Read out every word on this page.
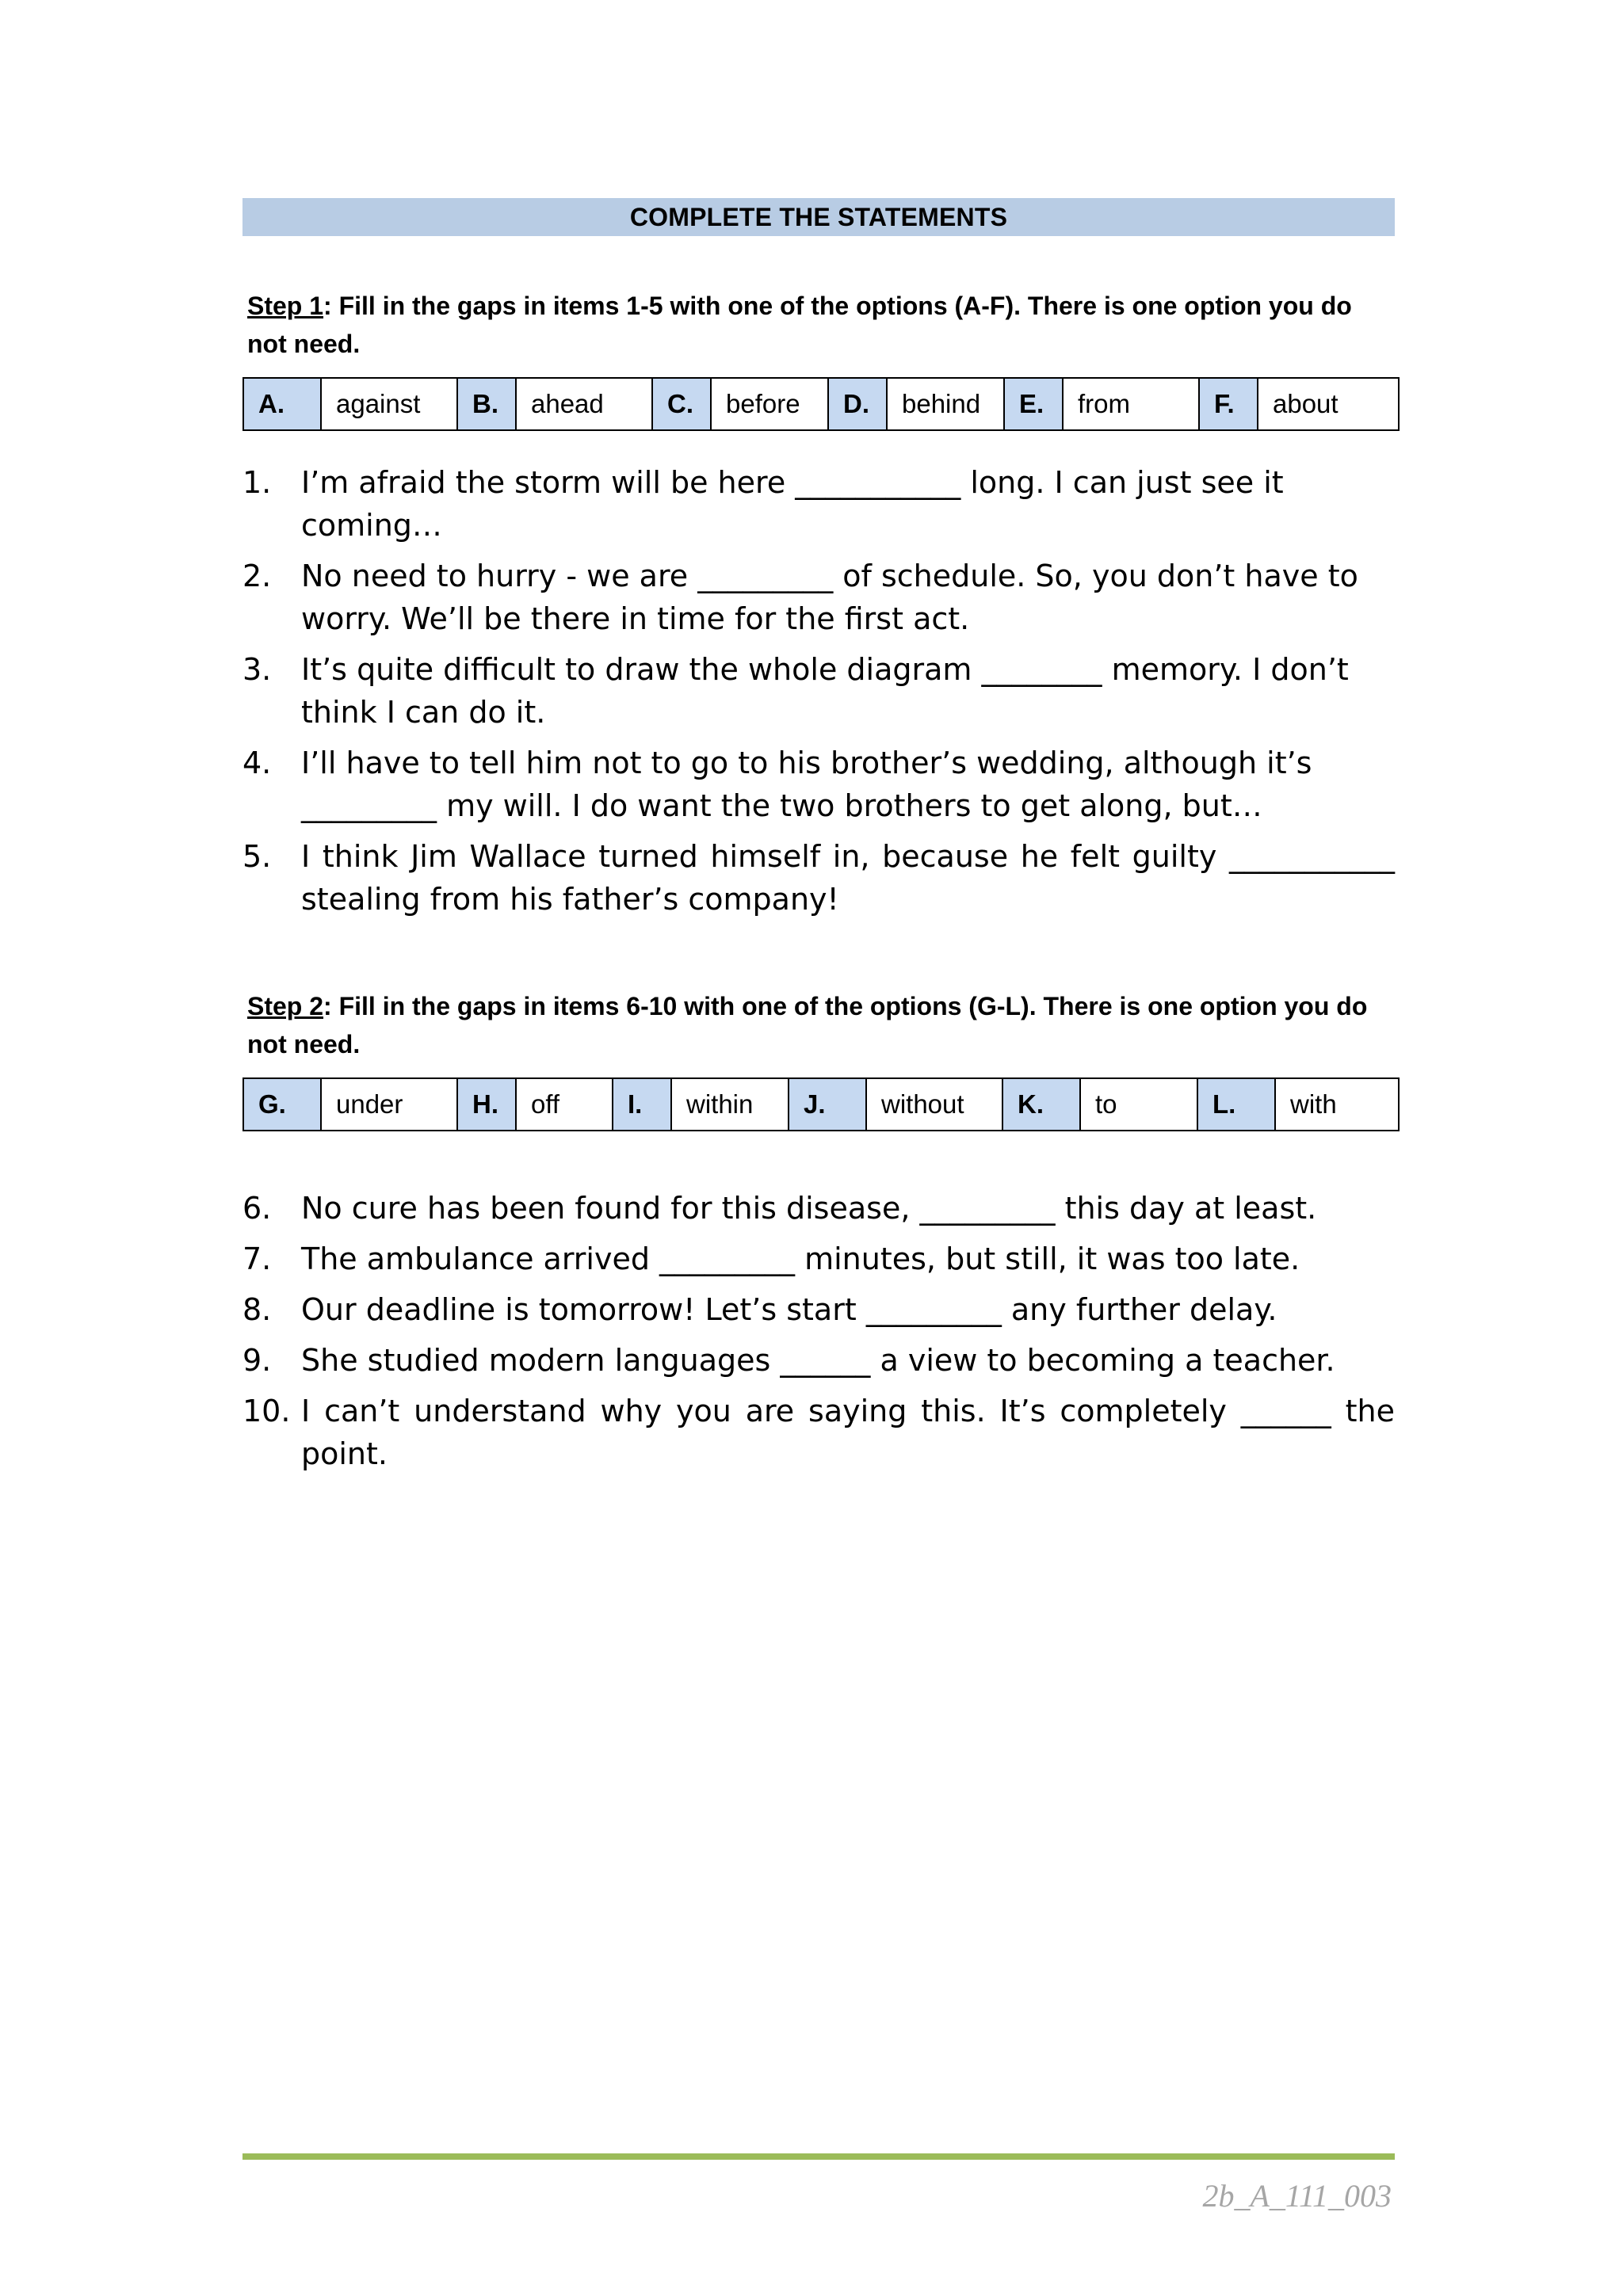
COMPLETE THE STATEMENTS
Step 1: Fill in the gaps in items 1-5 with one of the options (A-F). There is one option you do not need.
A.	against	B.	ahead	C.	before	D.	behind	E.	from	F.	about
1. I’m afraid the storm will be here ___________ long. I can just see it coming…
2. No need to hurry - we are _________ of schedule. So, you don’t have to worry. We’ll be there in time for the first act.
3. It’s quite difficult to draw the whole diagram ________ memory. I don’t think I can do it.
4. I’ll have to tell him not to go to his brother’s wedding, although it’s _________ my will. I do want the two brothers to get along, but…
5. I think Jim Wallace turned himself in, because he felt guilty ___________ stealing from his father’s company!
Step 2: Fill in the gaps in items 6-10 with one of the options (G-L). There is one option you do not need.
G.	under	H.	off	I.	within	J.	without	K.	to	L.	with
6. No cure has been found for this disease, _________ this day at least.
7. The ambulance arrived _________ minutes, but still, it was too late.
8. Our deadline is tomorrow! Let’s start _________ any further delay.
9. She studied modern languages ______ a view to becoming a teacher.
10. I can’t understand why you are saying this. It’s completely ______ the point.
2b_A_111_003
